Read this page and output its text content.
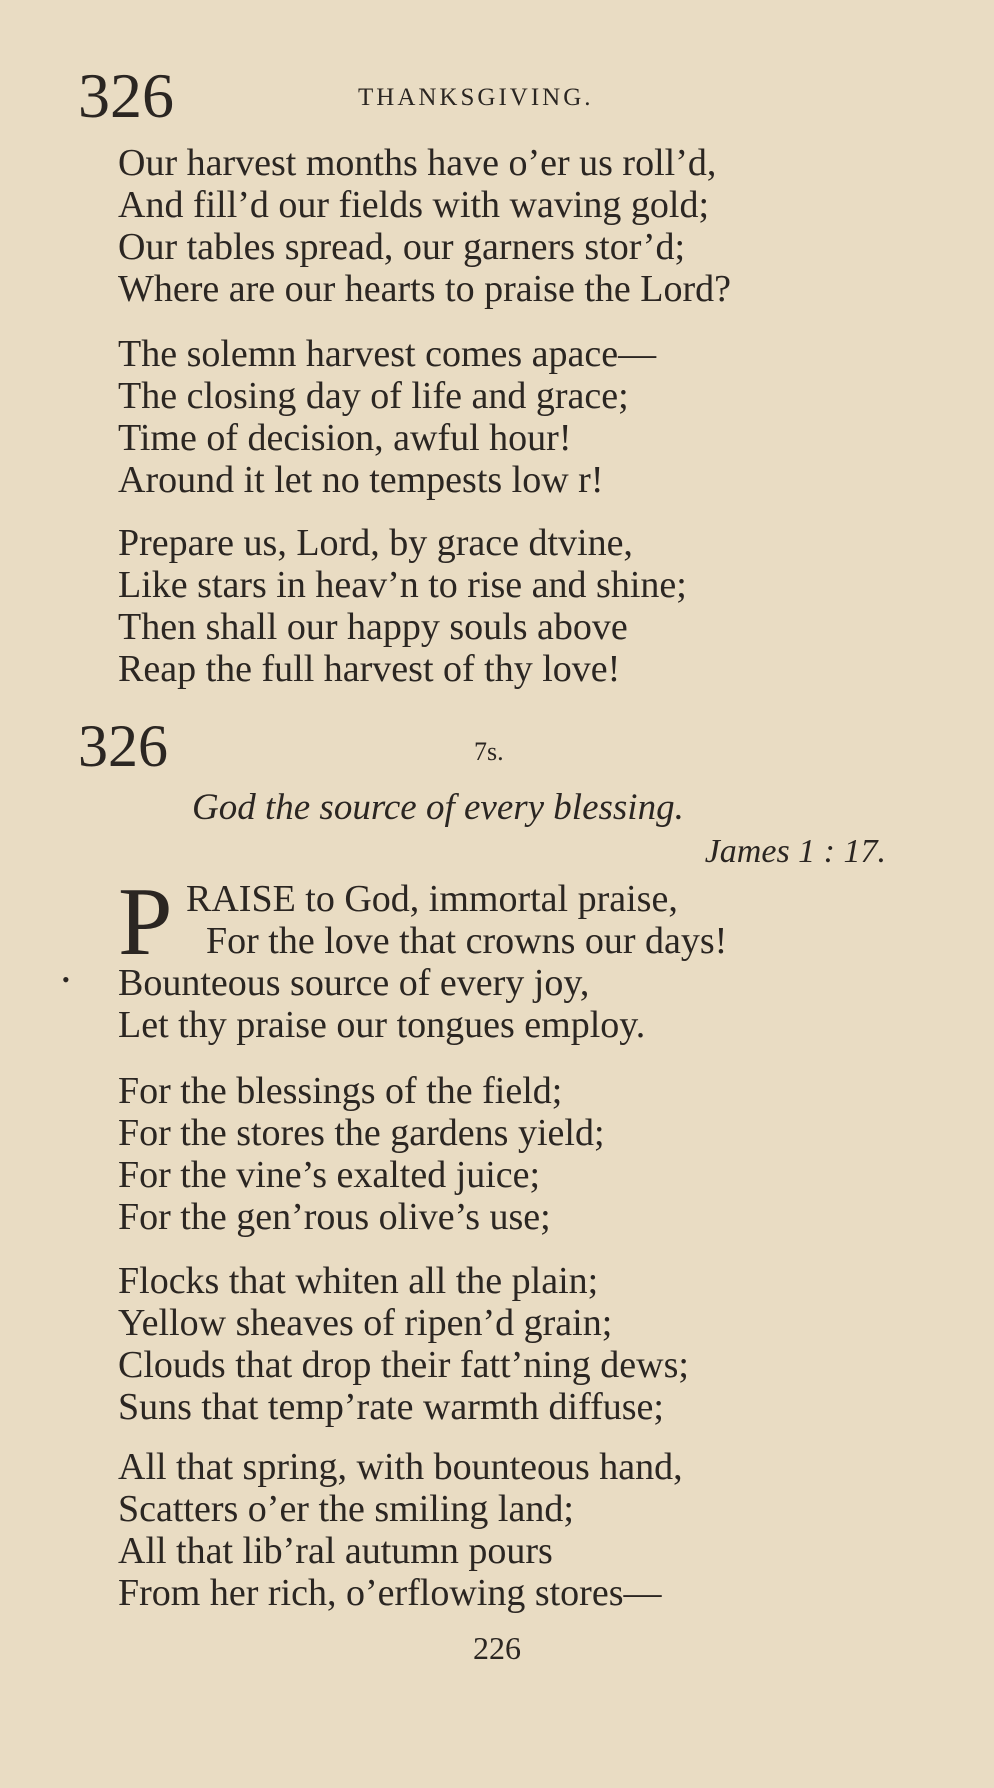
326	THANKSGIVING.
Our harvest months have o’er us roll’d,
And fill’d our fields with waving gold;
Our tables spread, our garners stor’d;
Where are our hearts to praise the Lord?
The solemn harvest comes apace—
The closing day of life and grace;
Time of decision, awful hour!
Around it let no tempests low r!
Prepare us, Lord, by grace dtvine,
Like stars in heav’n to rise and shine;
Then shall our happy souls above
Reap the full harvest of thy love!
326	7s.
God the source of every blessing.
James 1 : 17.
•
P RAISE to God, immortal praise,
For the love that crowns our days!
Bounteous source of every joy,
Let thy praise our tongues employ.
For the blessings of the field;
For the stores the gardens yield;
For the vine’s exalted juice;
For the gen’rous olive’s use;
Flocks that whiten all the plain;
Yellow sheaves of ripen’d grain;
Clouds that drop their fatt’ning dews;
Suns that temp’rate warmth diffuse;
All that spring, with bounteous hand,
Scatters o’er the smiling land;
All that lib’ral autumn pours
From her rich, o’erflowing stores—
226
